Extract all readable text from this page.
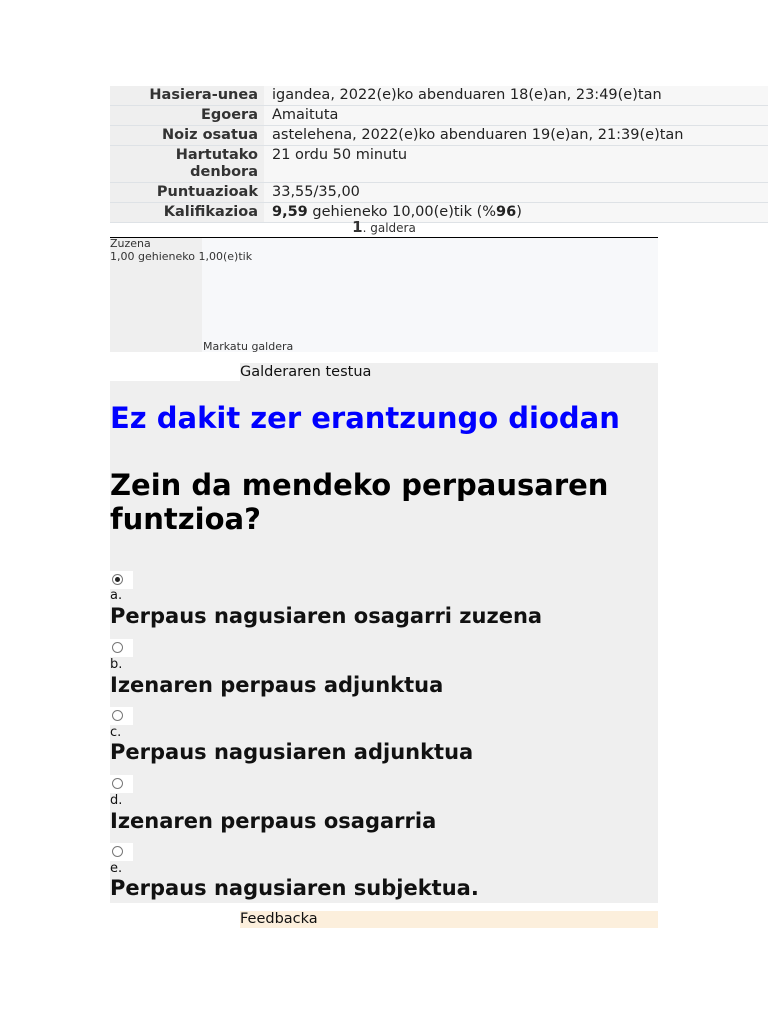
Hasiera-unea	igandea, 2022(e)ko abenduaren 18(e)an, 23:49(e)tan
Egoera	Amaituta
Noiz osatua	astelehena, 2022(e)ko abenduaren 19(e)an, 21:39(e)tan
Hartutako denbora	21 ordu 50 minutu
Puntuazioak	33,55/35,00
Kalifikazioa	9,59 gehieneko 10,00(e)tik (%96)
1. galdera
Zuzena
1,00 gehieneko 1,00(e)tik
Markatu galdera
Galderaren testua
Ez dakit zer erantzungo diodan
Zein da mendeko perpausaren funtzioa?
a.
Perpaus nagusiaren osagarri zuzena
b.
Izenaren perpaus adjunktua
c.
Perpaus nagusiaren adjunktua
d.
Izenaren perpaus osagarria
e.
Perpaus nagusiaren subjektua.
Feedbacka
